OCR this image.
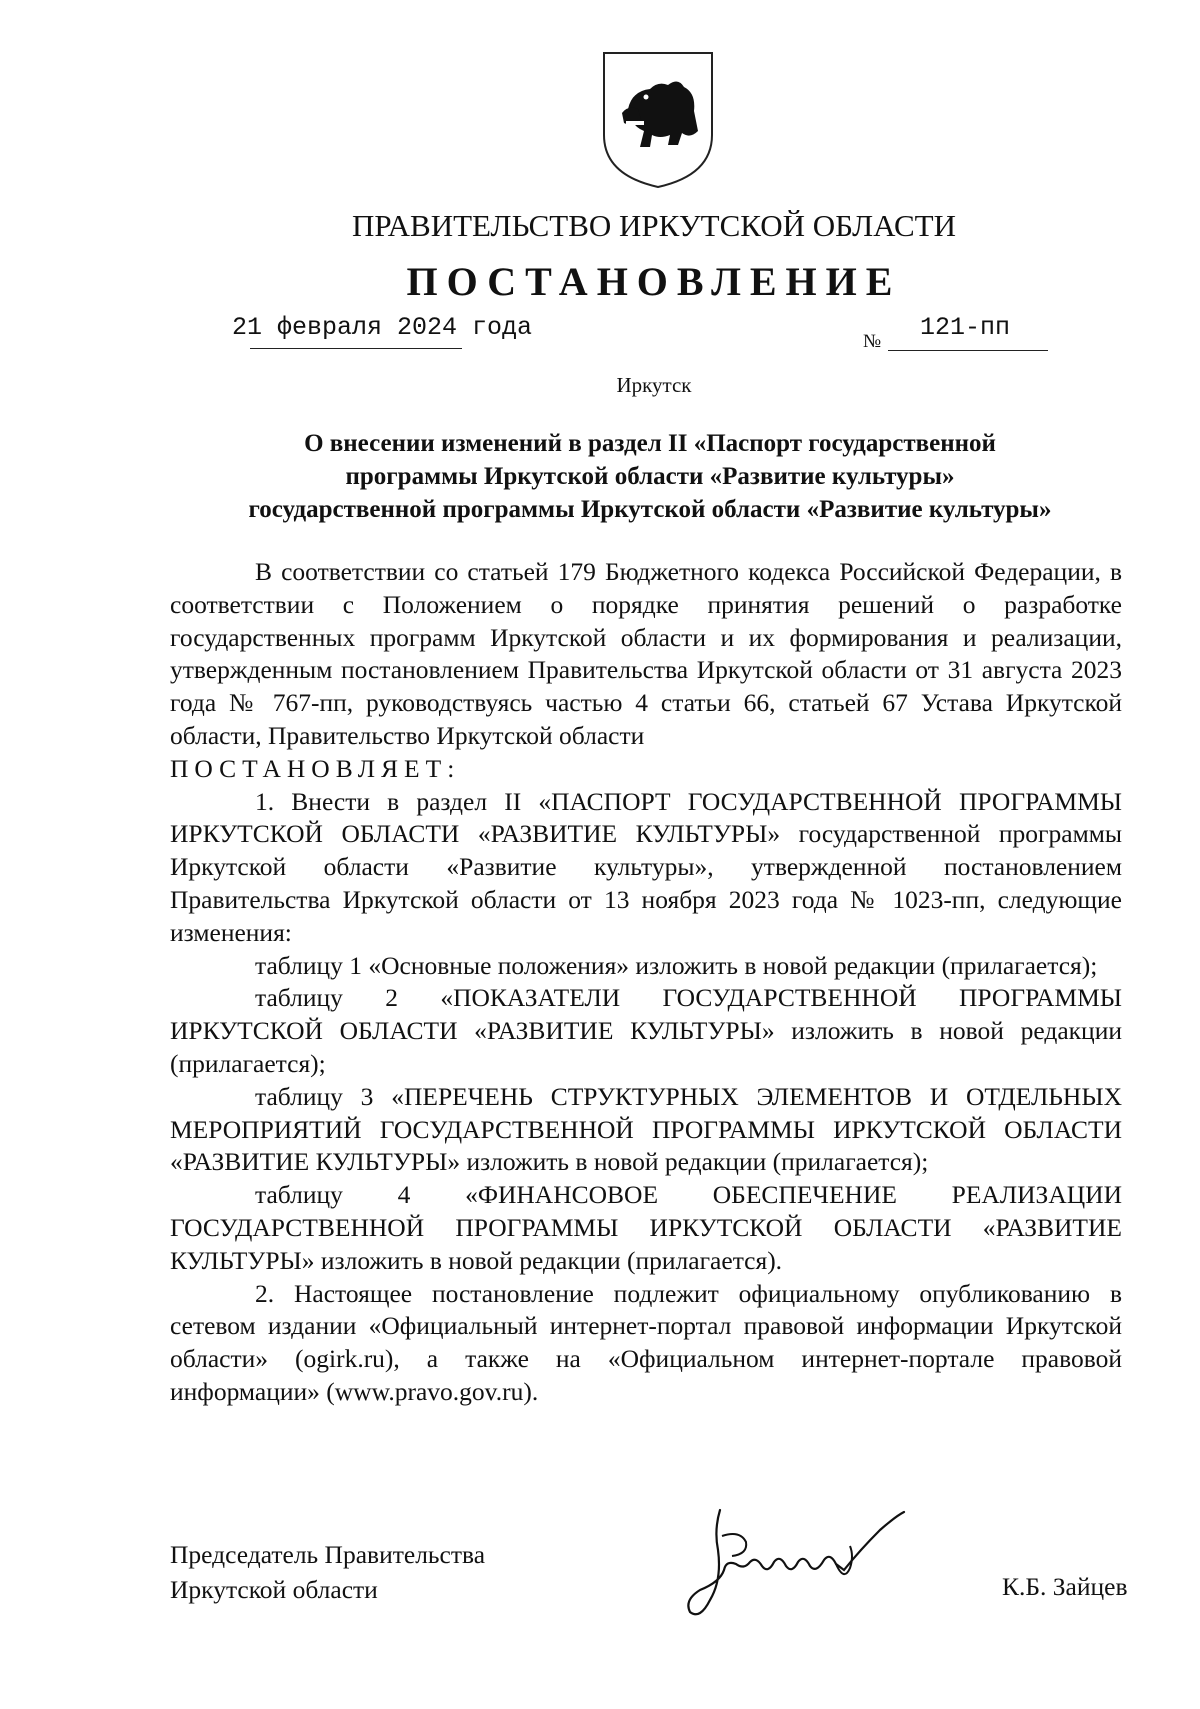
ПРАВИТЕЛЬСТВО ИРКУТСКОЙ ОБЛАСТИ
ПОСТАНОВЛЕНИЕ
21 февраля 2024 года	№ 121-пп
Иркутск
О внесении изменений в раздел II «Паспорт государственной
программы Иркутской области «Развитие культуры»
государственной программы Иркутской области «Развитие культуры»

В соответствии со статьей 179 Бюджетного кодекса Российской Федерации, в соответствии с Положением о порядке принятия решений о разработке государственных программ Иркутской области и их формирования и реализации, утвержденным постановлением Правительства Иркутской области от 31 августа 2023 года № 767-пп, руководствуясь частью 4 статьи 66, статьей 67 Устава Иркутской области, Правительство Иркутской области

ПОСТАНОВЛЯЕТ:

1. Внести в раздел II «ПАСПОРТ ГОСУДАРСТВЕННОЙ ПРОГРАММЫ ИРКУТСКОЙ ОБЛАСТИ «РАЗВИТИЕ КУЛЬТУРЫ» государственной программы Иркутской области «Развитие культуры», утвержденной постановлением Правительства Иркутской области от 13 ноября 2023 года № 1023-пп, следующие изменения:

таблицу 1 «Основные положения» изложить в новой редакции (прилагается);

таблицу 2 «ПОКАЗАТЕЛИ ГОСУДАРСТВЕННОЙ ПРОГРАММЫ ИРКУТСКОЙ ОБЛАСТИ «РАЗВИТИЕ КУЛЬТУРЫ» изложить в новой редакции (прилагается);

таблицу 3 «ПЕРЕЧЕНЬ СТРУКТУРНЫХ ЭЛЕМЕНТОВ И ОТДЕЛЬНЫХ МЕРОПРИЯТИЙ ГОСУДАРСТВЕННОЙ ПРОГРАММЫ ИРКУТСКОЙ ОБЛАСТИ «РАЗВИТИЕ КУЛЬТУРЫ» изложить в новой редакции (прилагается);

таблицу 4 «ФИНАНСОВОЕ ОБЕСПЕЧЕНИЕ РЕАЛИЗАЦИИ ГОСУДАРСТВЕННОЙ ПРОГРАММЫ ИРКУТСКОЙ ОБЛАСТИ «РАЗВИТИЕ КУЛЬТУРЫ» изложить в новой редакции (прилагается).

2. Настоящее постановление подлежит официальному опубликованию в сетевом издании «Официальный интернет-портал правовой информации Иркутской области» (ogirk.ru), а также на «Официальном интернет-портале правовой информации» (www.pravo.gov.ru).

Председатель Правительства
Иркутской области	К.Б. Зайцев
